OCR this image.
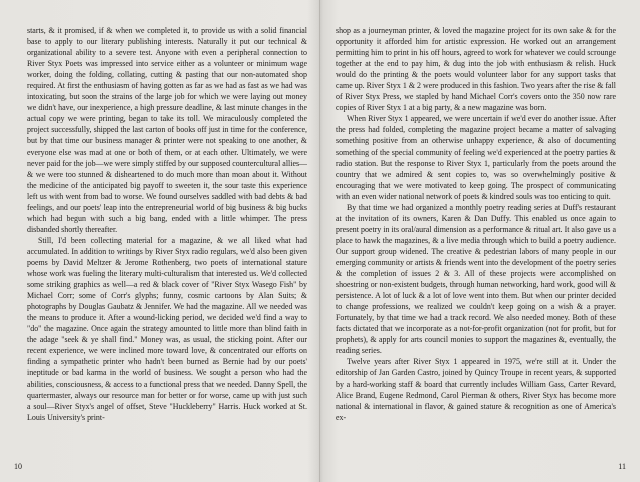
starts, & it promised, if & when we completed it, to provide us with a solid financial base to apply to our literary publishing interests. Naturally it put our technical & organizational ability to a severe test. Anyone with even a peripheral connection to River Styx Poets was impressed into service either as a volunteer or minimum wage worker, doing the folding, collating, cutting & pasting that our non-automated shop required. At first the enthusiasm of having gotten as far as we had as fast as we had was intoxicating, but soon the strains of the large job for which we were laying out money we didn't have, our inexperience, a high pressure deadline, & last minute changes in the actual copy we were printing, began to take its toll. We miraculously completed the project successfully, shipped the last carton of books off just in time for the conference, but by that time our business manager & printer were not speaking to one another, & everyone else was mad at one or both of them, or at each other. Ultimately, we were never paid for the job—we were simply stiffed by our supposed countercultural allies—& we were too stunned & disheartened to do much more than moan about it. Without the medicine of the anticipated big payoff to sweeten it, the sour taste this experience left us with went from bad to worse. We found ourselves saddled with bad debts & bad feelings, and our poets' leap into the entrepreneurial world of big business & big bucks which had begun with such a big bang, ended with a little whimper. The press disbanded shortly thereafter.

Still, I'd been collecting material for a magazine, & we all liked what had accumulated. In addition to writings by River Styx radio regulars, we'd also been given poems by David Meltzer & Jerome Rothenberg, two poets of international stature whose work was fueling the literary multi-culturalism that interested us. We'd collected some striking graphics as well—a red & black cover of "River Styx Wasego Fish" by Michael Corr; some of Corr's glyphs; funny, cosmic cartoons by Alan Suits; & photographs by Douglas Gaubatz & Jennifer. We had the magazine. All we needed was the means to produce it. After a wound-licking period, we decided we'd find a way to "do" the magazine. Once again the strategy amounted to little more than blind faith in the adage "seek & ye shall find." Money was, as usual, the sticking point. After our recent experience, we were inclined more toward love, & concentrated our efforts on finding a sympathetic printer who hadn't been burned as Bernie had by our poets' ineptitude or bad karma in the world of business. We sought a person who had the abilities, consciousness, & access to a functional press that we needed. Danny Spell, the quartermaster, always our resource man for better or for worse, came up with just such a soul—River Styx's angel of offset, Steve "Huckleberry" Harris. Huck worked at St. Louis University's print-

10

shop as a journeyman printer, & loved the magazine project for its own sake & for the opportunity it afforded him for artistic expression. He worked out an arrangement permitting him to print in his off hours, agreed to work for whatever we could scrounge together at the end to pay him, & dug into the job with enthusiasm & relish. Huck would do the printing & the poets would volunteer labor for any support tasks that came up. River Styx 1 & 2 were produced in this fashion. Two years after the rise & fall of River Styx Press, we stapled by hand Michael Corr's covers onto the 350 now rare copies of River Styx 1 at a big party, & a new magazine was born.

When River Styx 1 appeared, we were uncertain if we'd ever do another issue. After the press had folded, completing the magazine project became a matter of salvaging something positive from an otherwise unhappy experience, & also of documenting something of the special community of feeling we'd experienced at the poetry parties & radio station. But the response to River Styx 1, particularly from the poets around the country that we admired & sent copies to, was so overwhelmingly positive & encouraging that we were motivated to keep going. The prospect of communicating with an even wider national network of poets & kindred souls was too enticing to quit.

By that time we had organized a monthly poetry reading series at Duff's restaurant at the invitation of its owners, Karen & Dan Duffy. This enabled us once again to present poetry in its oral/aural dimension as a performance & ritual art. It also gave us a place to hawk the magazines, & a live media through which to build a poetry audience. Our support group widened. The creative & pedestrian labors of many people in our emerging community or artists & friends went into the development of the poetry series & the completion of issues 2 & 3. All of these projects were accomplished on shoestring or non-existent budgets, through human networking, hard work, good will & persistence. A lot of luck & a lot of love went into them. But when our printer decided to change professions, we realized we couldn't keep going on a wish & a prayer. Fortunately, by that time we had a track record. We also needed money. Both of these facts dictated that we incorporate as a not-for-profit organization (not for profit, but for prophets), & apply for arts council monies to support the magazines &, eventually, the reading series.

Twelve years after River Styx 1 appeared in 1975, we're still at it. Under the editorship of Jan Garden Castro, joined by Quincy Troupe in recent years, & supported by a hard-working staff & board that currently includes William Gass, Carter Revard, Alice Brand, Eugene Redmond, Carol Pierman & others, River Styx has become more national & international in flavor, & gained stature & recognition as one of America's ex-

11
